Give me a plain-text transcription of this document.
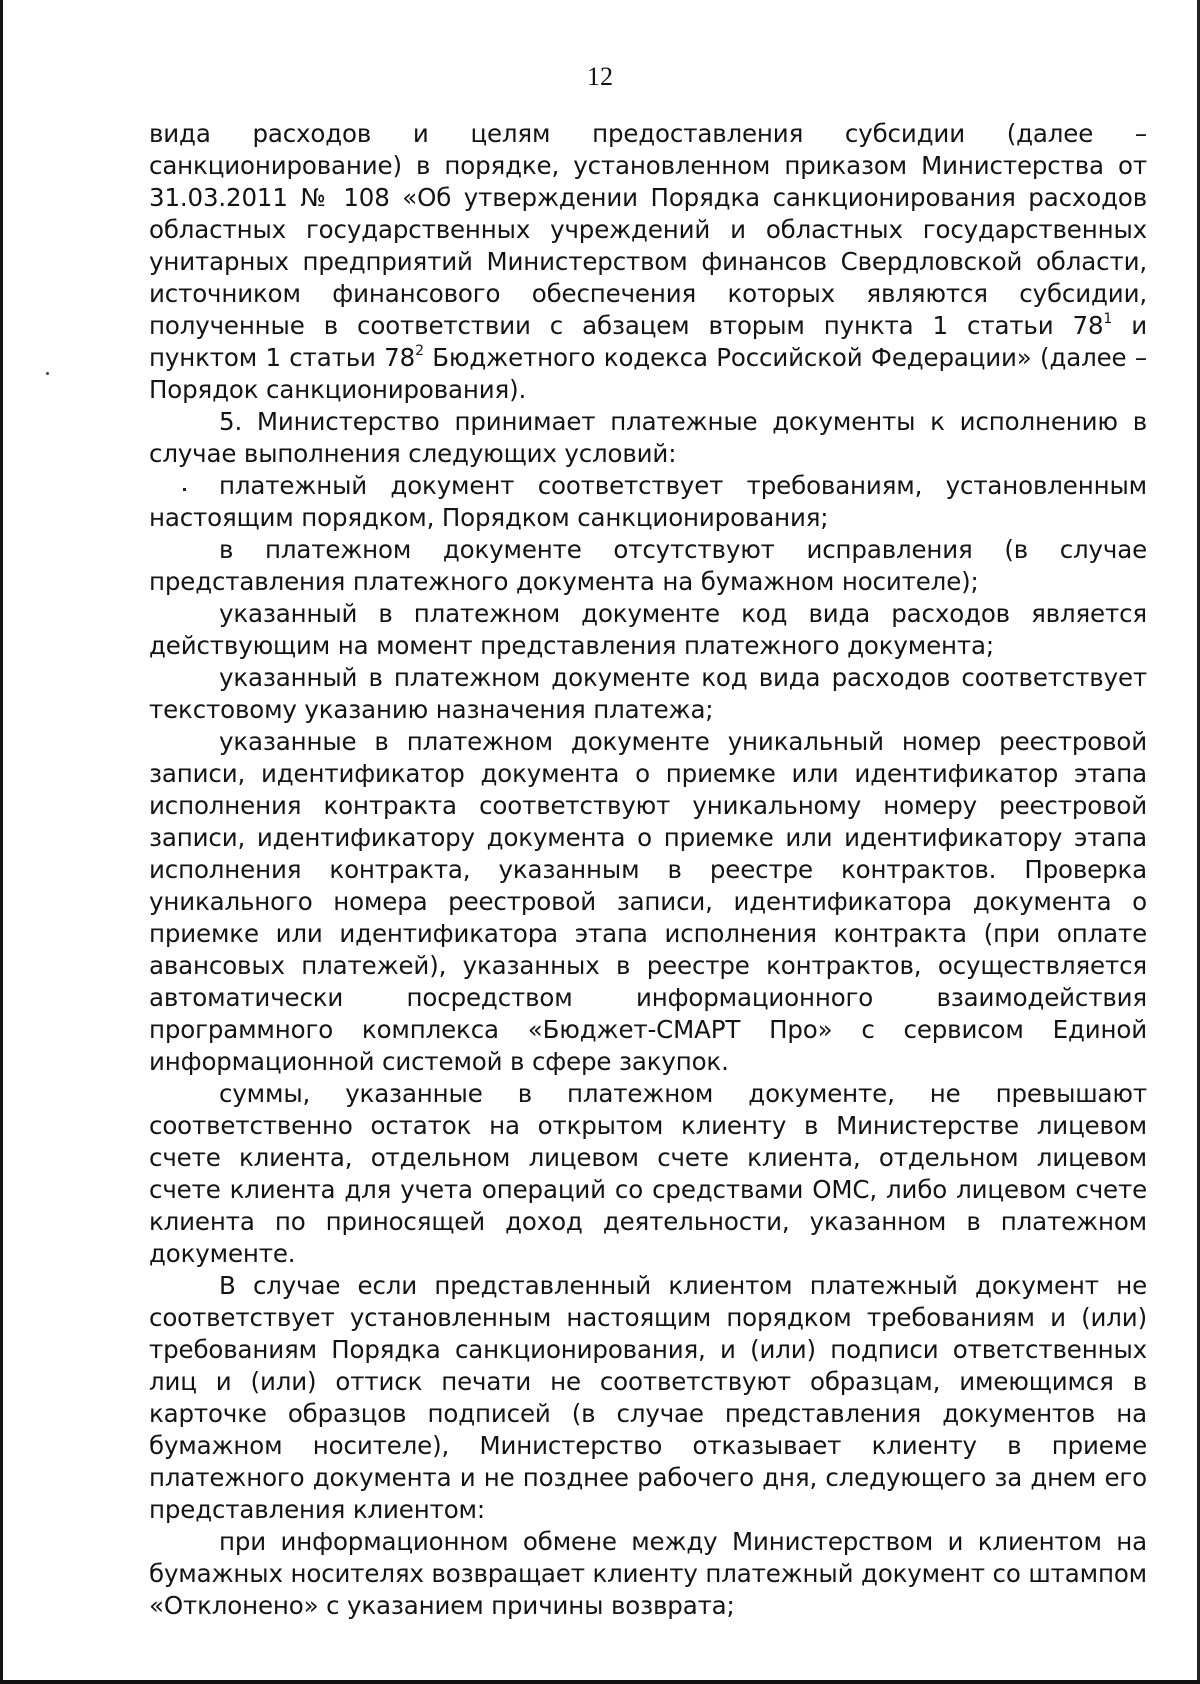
12

вида расходов и целям предоставления субсидии (далее – санкционирование) в порядке, установленном приказом Министерства от 31.03.2011 № 108 «Об утверждении Порядка санкционирования расходов областных государственных учреждений и областных государственных унитарных предприятий Министерством финансов Свердловской области, источником финансового обеспечения которых являются субсидии, полученные в соответствии с абзацем вторым пункта 1 статьи $78^1$ и пунктом 1 статьи $78^2$ Бюджетного кодекса Российской Федерации» (далее – Порядок санкционирования).

5. Министерство принимает платежные документы к исполнению в случае выполнения следующих условий:

платежный документ соответствует требованиям, установленным настоящим порядком, Порядком санкционирования;

в платежном документе отсутствуют исправления (в случае представления платежного документа на бумажном носителе);

указанный в платежном документе код вида расходов является действующим на момент представления платежного документа;

указанный в платежном документе код вида расходов соответствует текстовому указанию назначения платежа;

указанные в платежном документе уникальный номер реестровой записи, идентификатор документа о приемке или идентификатор этапа исполнения контракта соответствуют уникальному номеру реестровой записи, идентификатору документа о приемке или идентификатору этапа исполнения контракта, указанным в реестре контрактов. Проверка уникального номера реестровой записи, идентификатора документа о приемке или идентификатора этапа исполнения контракта (при оплате авансовых платежей), указанных в реестре контрактов, осуществляется автоматически посредством информационного взаимодействия программного комплекса «Бюджет-СМАРТ Про» с сервисом Единой информационной системой в сфере закупок.

суммы, указанные в платежном документе, не превышают соответственно остаток на открытом клиенту в Министерстве лицевом счете клиента, отдельном лицевом счете клиента, отдельном лицевом счете клиента для учета операций со средствами ОМС, либо лицевом счете клиента по приносящей доход деятельности, указанном в платежном документе.

В случае если представленный клиентом платежный документ не соответствует установленным настоящим порядком требованиям и (или) требованиям Порядка санкционирования, и (или) подписи ответственных лиц и (или) оттиск печати не соответствуют образцам, имеющимся в карточке образцов подписей (в случае представления документов на бумажном носителе), Министерство отказывает клиенту в приеме платежного документа и не позднее рабочего дня, следующего за днем его представления клиентом:

при информационном обмене между Министерством и клиентом на бумажных носителях возвращает клиенту платежный документ со штампом «Отклонено» с указанием причины возврата;
